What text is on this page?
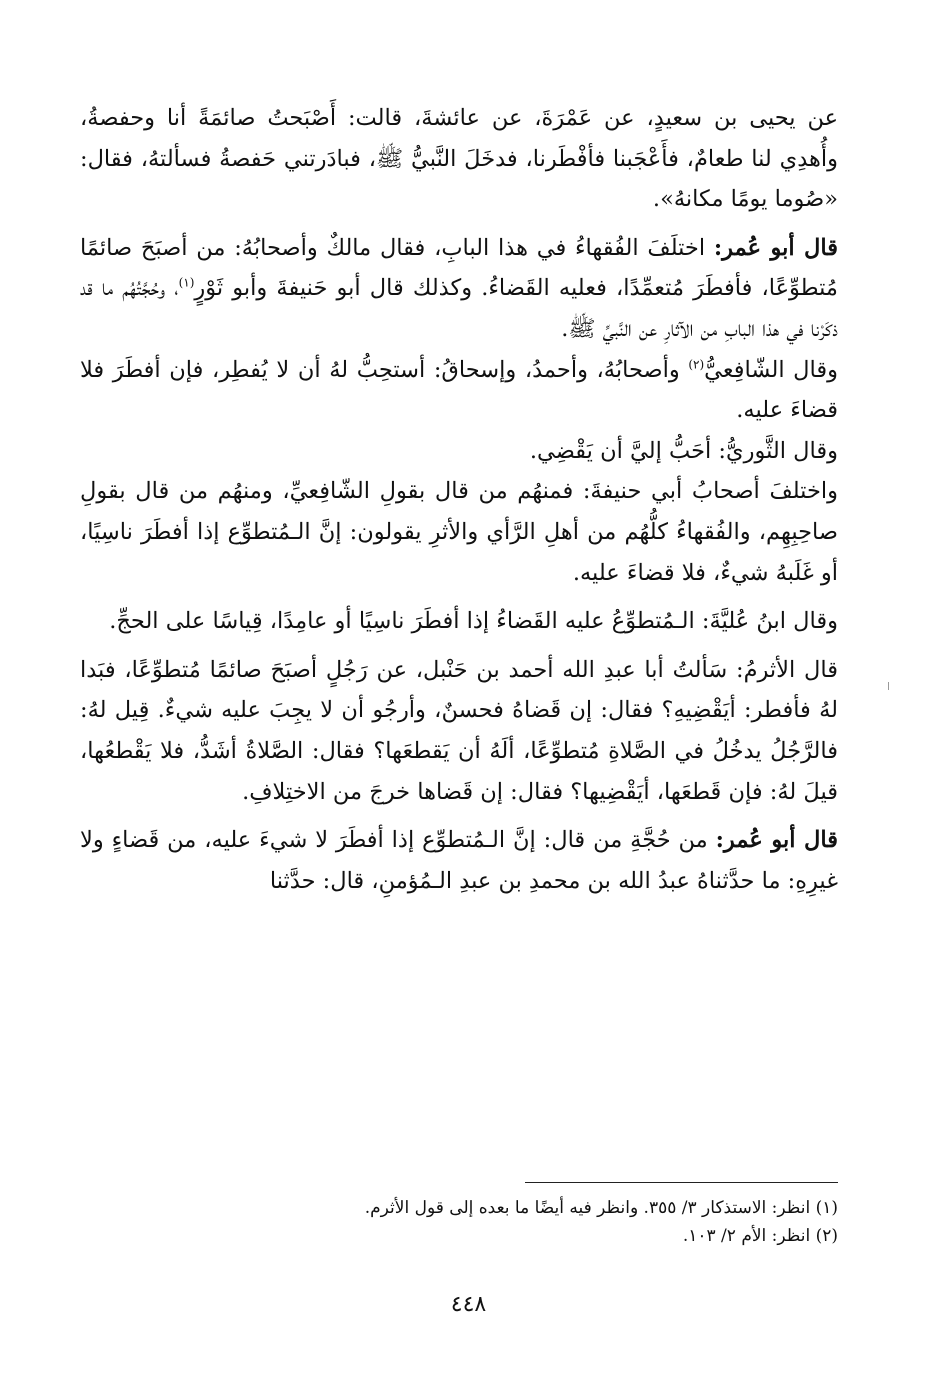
عن يحيى بن سعيدٍ، عن عَمْرَةَ، عن عائشةَ، قالت: أَصْبَحتُ صائمَةً أنا وحفصةُ، وأُهدِي لنا طعامٌ، فأَعْجَبنا فأفْطَرنا، فدخَلَ النَّبيُّ ﷺ، فبادَرتني حَفصةُ فسألتهُ، فقال: «صُوما يومًا مكانهُ».

قال أبو عُمر: اختلَفَ الفُقهاءُ في هذا البابِ، فقال مالكٌ وأصحابُهُ: من أصبَحَ صائمًا مُتطوِّعًا، فأفطَرَ مُتعمِّدًا، فعليه القَضاءُ. وكذلك قال أبو حَنيفةَ وأبو ثَوْرٍ$^{(١)}$، وحُجَّتُهُم ما قد ذكَرْنا في هذا البابِ من الآثارِ عن النَّبيِّ ﷺ.

وقال الشّافِعيُّ$^{(٢)}$ وأصحابُهُ، وأحمدُ، وإسحاقُ: أستحِبُّ لهُ أن لا يُفطِر، فإن أفطَرَ فلا قضاءَ عليه.

وقال الثَّوريُّ: أحَبُّ إليَّ أن يَقْضِي.

واختلفَ أصحابُ أبي حنيفةَ: فمنهُم من قال بقولِ الشّافِعيِّ، ومنهُم من قال بقولِ صاحِبِهِم، والفُقهاءُ كلُّهُم من أهلِ الرَّأي والأثرِ يقولون: إنَّ الـمُتطوِّع إذا أفطَرَ ناسِيًا، أو غَلَبهُ شيءٌ، فلا قضاءَ عليه.

وقال ابنُ عُليَّةَ: الـمُتطوِّعُ عليه القَضاءُ إذا أفطَرَ ناسِيًا أو عامِدًا، قِياسًا على الحجِّ.

قال الأثرمُ: سَألتُ أبا عبدِ الله أحمد بن حَنْبل، عن رَجُلٍ أصبَحَ صائمًا مُتطوِّعًا، فبَدا لهُ فأفطر: أيَقْضِيهِ؟ فقال: إن قَضاهُ فحسنٌ، وأرجُو أن لا يجِبَ عليه شيءٌ. قِيل لهُ: فالرَّجُلُ يدخُلُ في الصَّلاةِ مُتطوِّعًا، ألَهُ أن يَقطعَها؟ فقال: الصَّلاةُ أشَدُّ، فلا يَقْطعُها، قيلَ لهُ: فإن قَطعَها، أيَقْضِيها؟ فقال: إن قَضاها خرجَ من الاختِلافِ.

قال أبو عُمر: من حُجَّةِ من قال: إنَّ الـمُتطوِّع إذا أفطَرَ لا شيءَ عليه، من قَضاءٍ ولا غيرِهِ: ما حدَّثناهُ عبدُ الله بن محمدِ بن عبدِ الـمُؤمنِ، قال: حدَّثنا

(١) انظر: الاستذكار ٣/ ٣٥٥. وانظر فيه أيضًا ما بعده إلى قول الأثرم.

(٢) انظر: الأم ٢/ ١٠٣.

٤٤٨
